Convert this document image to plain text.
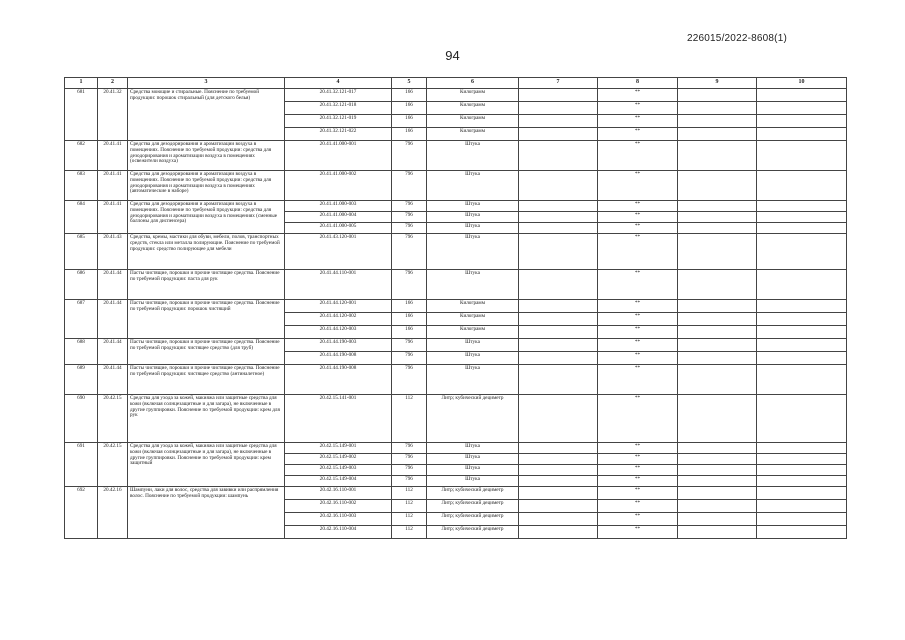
226015/2022-8608(1)
94
1	2	3	4	5	6	7	8	9	10
681	20.41.32	Средства моющие и стиральные. Пояснение по требуемой продукции: порошок стиральный (для детского белья)	20.41.32.121-017	166	Килограмм		**		
			20.41.32.121-018	166	Килограмм		**		
			20.41.32.121-019	166	Килограмм		**		
			20.41.32.121-022	166	Килограмм		**		
682	20.41.41	Средства для дезодорирования и ароматизации воздуха в помещениях. Пояснение по требуемой продукции: средства для дезодорирования и ароматизации воздуха в помещениях (освежители воздуха)	20.41.41.000-001	796	Штука		**		
683	20.41.41	Средства для дезодорирования и ароматизации воздуха в помещениях. Пояснение по требуемой продукции: средства для дезодорирования и ароматизации воздуха в помещениях (автоматические в наборе)	20.41.41.000-002	796	Штука		**		
684	20.41.41	Средства для дезодорирования и ароматизации воздуха в помещениях. Пояснение по требуемой продукции: средства для дезодорирования и ароматизации воздуха в помещениях (сменные баллоны для диспенсера)	20.41.41.000-003	796	Штука		**		
			20.41.41.000-004	796	Штука		**		
			20.41.41.000-005	796	Штука		**		
685	20.41.43	Средства, кремы, мастики для обуви, мебели, полов, транспортных средств, стекла или металла полирующие. Пояснение по требуемой продукции: средство полирующее для мебели	20.41.43.120-001	796	Штука		**		
686	20.41.44	Пасты чистящие, порошки и прочие чистящие средства. Пояснение по требуемой продукции: паста для рук	20.41.44.110-001	796	Штука		**		
687	20.41.44	Пасты чистящие, порошки и прочие чистящие средства. Пояснение по требуемой продукции: порошок чистящий	20.41.44.120-001	166	Килограмм		**		
			20.41.44.120-002	166	Килограмм		**		
			20.41.44.120-003	166	Килограмм		**		
688	20.41.44	Пасты чистящие, порошки и прочие чистящие средства. Пояснение по требуемой продукции: чистящее средство (для труб)	20.41.44.190-003	796	Штука		**		
			20.41.44.190-008	796	Штука		**		
689	20.41.44	Пасты чистящие, порошки и прочие чистящие средства. Пояснение по требуемой продукции: чистящее средство (антиналетное)	20.41.44.190-008	796	Штука		**		
690	20.42.15	Средства для ухода за кожей, макияжа или защитные средства для кожи (включая солнцезащитные и для загара), не включенные в другие группировки. Пояснение по требуемой продукции: крем для рук	20.42.15.141-001	112	Литр; кубический дециметр		**		
691	20.42.15	Средства для ухода за кожей, макияжа или защитные средства для кожи (включая солнцезащитные и для загара), не включенные в другие группировки. Пояснение по требуемой продукции: крем защитный	20.42.15.149-001	796	Штука		**		
			20.42.15.149-002	796	Штука		**		
			20.42.15.149-003	796	Штука		**		
			20.42.15.149-004	796	Штука		**		
692	20.42.16	Шампуни, лаки для волос, средства для завивки или распрямления волос. Пояснение по требуемой продукции: шампунь	20.42.16.110-001	112	Литр; кубический дециметр		**		
			20.42.16.110-002	112	Литр; кубический дециметр		**		
			20.42.16.110-003	112	Литр; кубический дециметр		**		
			20.42.16.110-004	112	Литр; кубический дециметр		**		
